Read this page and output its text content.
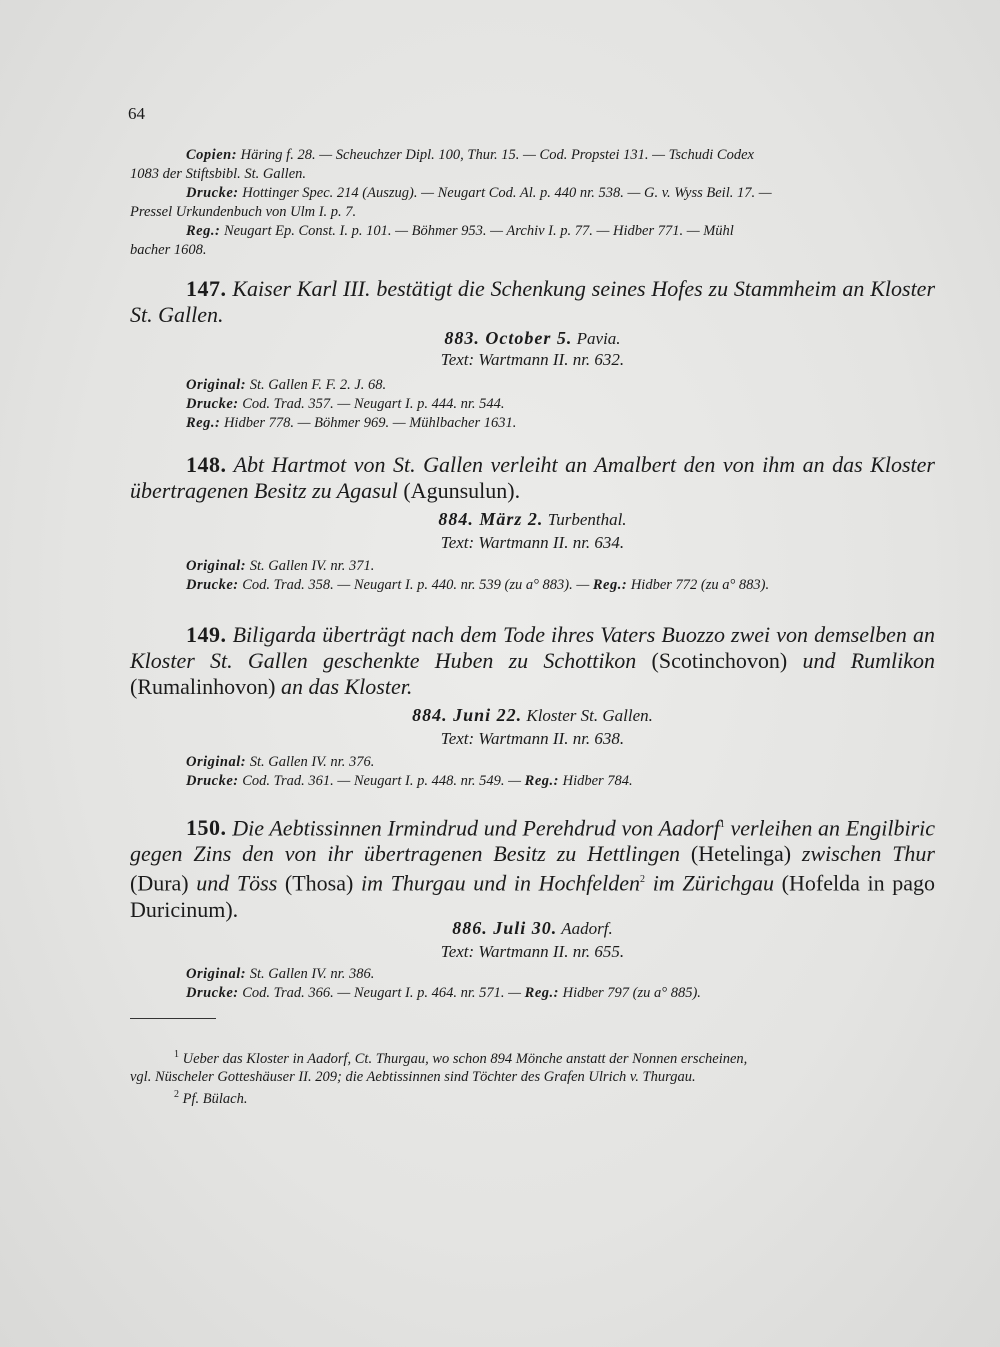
64

Copien: Häring f. 28. — Scheuchzer Dipl. 100, Thur. 15. — Cod. Propstei 131. — Tschudi Codex

1083 der Stiftsbibl. St. Gallen.

Drucke: Hottinger Spec. 214 (Auszug). — Neugart Cod. Al. p. 440 nr. 538. — G. v. Wyss Beil. 17. —

Pressel Urkundenbuch von Ulm I. p. 7.

Reg.: Neugart Ep. Const. I. p. 101. — Böhmer 953. — Archiv I. p. 77. — Hidber 771. — Mühl

bacher 1608.

147. Kaiser Karl III. bestätigt die Schenkung seines Hofes zu Stammheim an Kloster St. Gallen.
883. October 5. Pavia.
Text: Wartmann II. nr. 632.

Original: St. Gallen F. F. 2. J. 68.

Drucke: Cod. Trad. 357. — Neugart I. p. 444. nr. 544.

Reg.: Hidber 778. — Böhmer 969. — Mühlbacher 1631.

148. Abt Hartmot von St. Gallen verleiht an Amalbert den von ihm an das Kloster übertragenen Besitz zu Agasul (Agunsulun).
884. März 2. Turbenthal.
Text: Wartmann II. nr. 634.

Original: St. Gallen IV. nr. 371.

Drucke: Cod. Trad. 358. — Neugart I. p. 440. nr. 539 (zu a° 883). — Reg.: Hidber 772 (zu a° 883).

149. Biligarda überträgt nach dem Tode ihres Vaters Buozzo zwei von demselben an Kloster St. Gallen geschenkte Huben zu Schottikon (Scotinchovon) und Rumlikon (Rumalinhovon) an das Kloster.
884. Juni 22. Kloster St. Gallen.
Text: Wartmann II. nr. 638.

Original: St. Gallen IV. nr. 376.

Drucke: Cod. Trad. 361. — Neugart I. p. 448. nr. 549. — Reg.: Hidber 784.

150. Die Aebtissinnen Irmindrud und Perehdrud von Aadorf$^1$ verleihen an Engilbiric gegen Zins den von ihr übertragenen Besitz zu Hettlingen (Hetelinga) zwischen Thur (Dura) und Töss (Thosa) im Thurgau und in Hochfelden$^2$ im Zürichgau (Hofelda in pago Duricinum).
886. Juli 30. Aadorf.
Text: Wartmann II. nr. 655.

Original: St. Gallen IV. nr. 386.

Drucke: Cod. Trad. 366. — Neugart I. p. 464. nr. 571. — Reg.: Hidber 797 (zu a° 885).

$^1$ Ueber das Kloster in Aadorf, Ct. Thurgau, wo schon 894 Mönche anstatt der Nonnen erscheinen,

vgl. Nüscheler Gotteshäuser II. 209; die Aebtissinnen sind Töchter des Grafen Ulrich v. Thurgau.

$^2$ Pf. Bülach.
